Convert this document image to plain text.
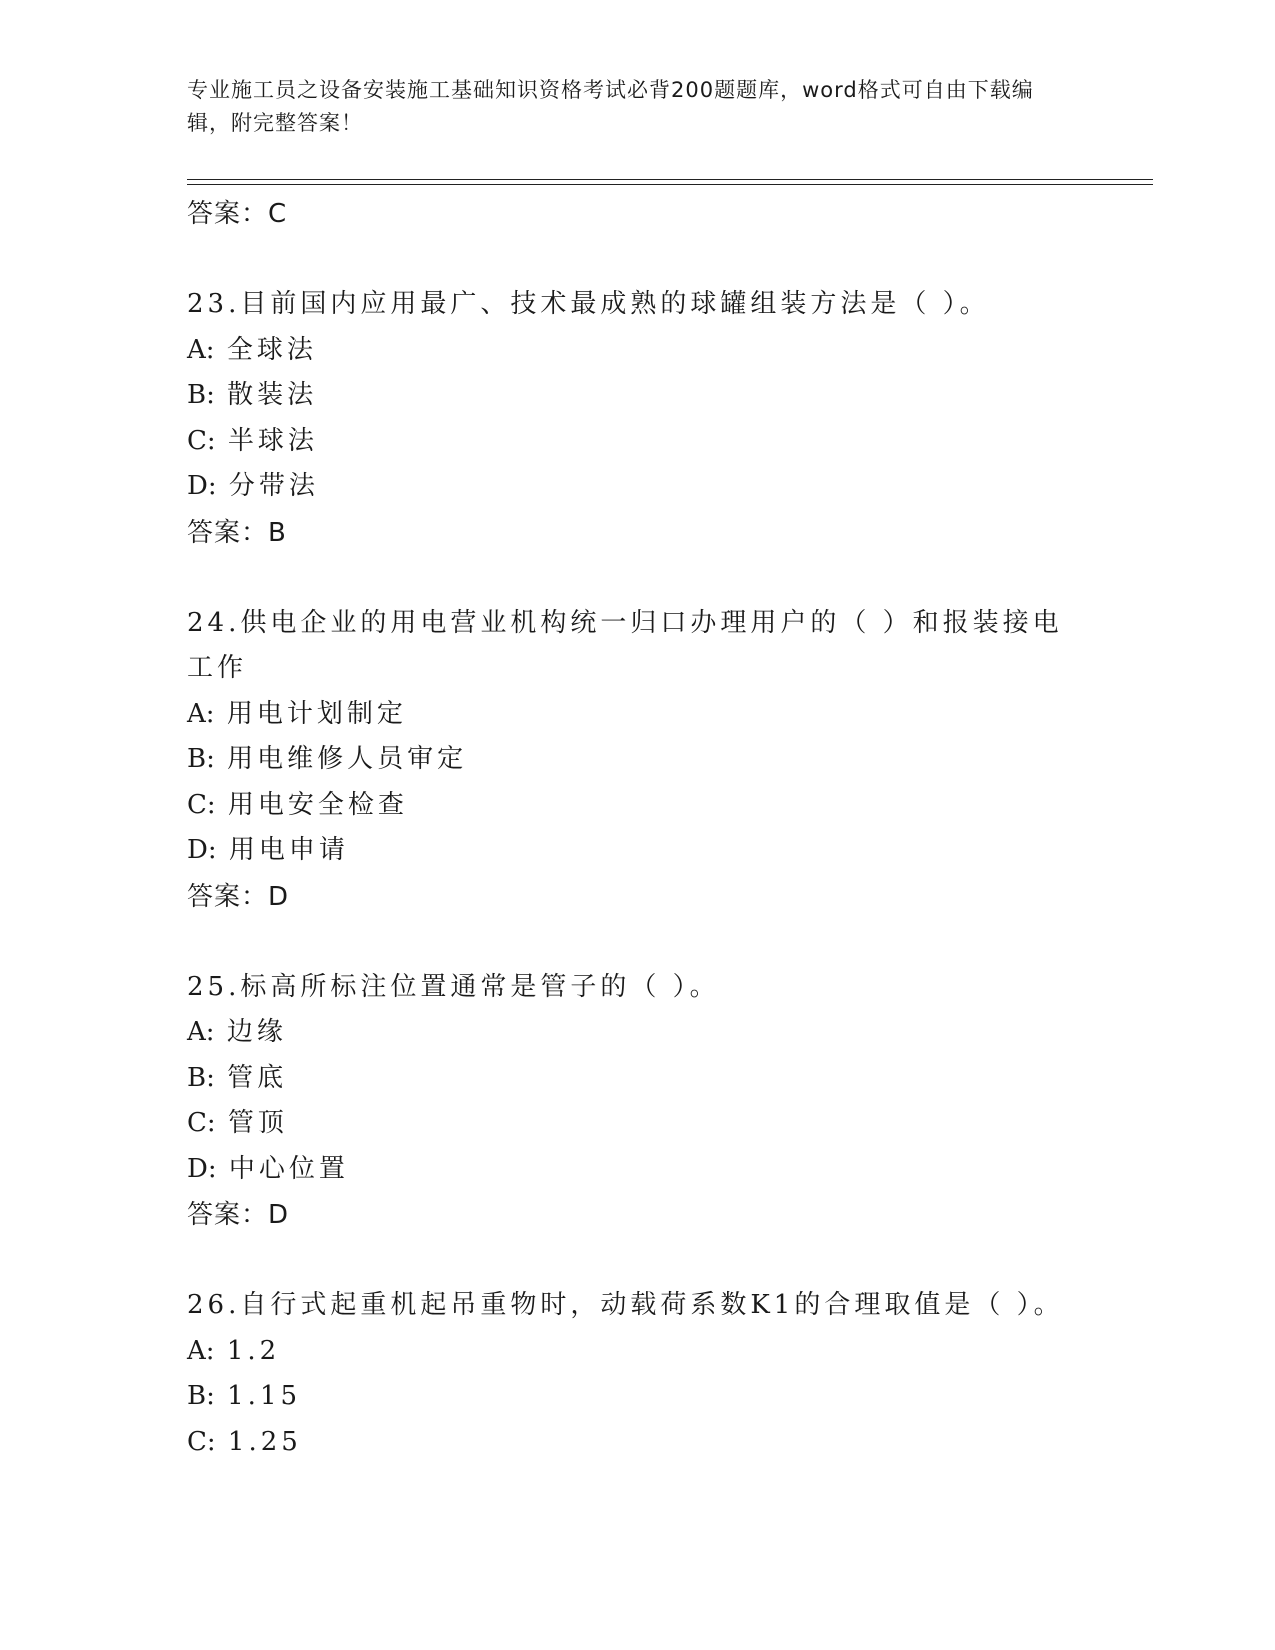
专业施工员之设备安装施工基础知识资格考试必背200题题库，word格式可自由下载编辑，附完整答案！
答案：C
23.目前国内应用最广、技术最成熟的球罐组装方法是（ ）。
A: 全球法
B: 散装法
C: 半球法
D: 分带法
答案：B
24.供电企业的用电营业机构统一归口办理用户的（ ）和报装接电工作
A: 用电计划制定
B: 用电维修人员审定
C: 用电安全检查
D: 用电申请
答案：D
25.标高所标注位置通常是管子的（ ）。
A: 边缘
B: 管底
C: 管顶
D: 中心位置
答案：D
26.自行式起重机起吊重物时，动载荷系数K1的合理取值是（ ）。
A: 1.2
B: 1.15
C: 1.25
